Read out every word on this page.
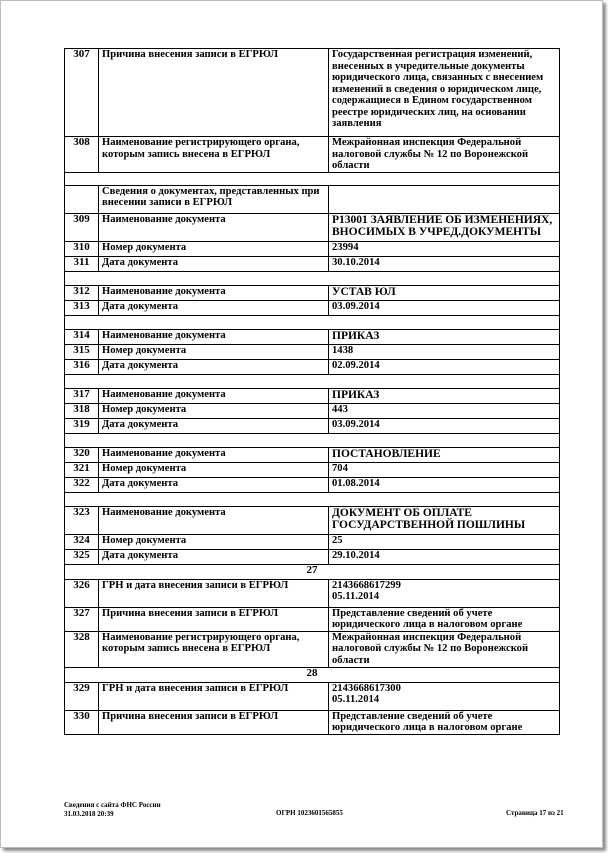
307	Причина внесения записи в ЕГРЮЛ	Государственная регистрация изменений, внесенных в учредительные документы юридического лица, связанных с внесением изменений в сведения о юридическом лице, содержащиеся в Едином государственном реестре юридических лиц, на основании заявления
308	Наименование регистрирующего органа, которым запись внесена в ЕГРЮЛ	Межрайонная инспекция Федеральной налоговой службы № 12 по Воронежской области

	Сведения о документах, представленных при внесении записи в ЕГРЮЛ	
309	Наименование документа	Р13001 ЗАЯВЛЕНИЕ ОБ ИЗМЕНЕНИЯХ, ВНОСИМЫХ В УЧРЕД.ДОКУМЕНТЫ
310	Номер документа	23994
311	Дата документа	30.10.2014

312	Наименование документа	УСТАВ ЮЛ
313	Дата документа	03.09.2014

314	Наименование документа	ПРИКАЗ
315	Номер документа	1438
316	Дата документа	02.09.2014

317	Наименование документа	ПРИКАЗ
318	Номер документа	443
319	Дата документа	03.09.2014

320	Наименование документа	ПОСТАНОВЛЕНИЕ
321	Номер документа	704
322	Дата документа	01.08.2014

323	Наименование документа	ДОКУМЕНТ ОБ ОПЛАТЕ ГОСУДАРСТВЕННОЙ ПОШЛИНЫ
324	Номер документа	25
325	Дата документа	29.10.2014
27		
326	ГРН и дата внесения записи в ЕГРЮЛ	2143668617299
05.11.2014
327	Причина внесения записи в ЕГРЮЛ	Представление сведений об учете юридического лица в налоговом органе
328	Наименование регистрирующего органа, которым запись внесена в ЕГРЮЛ	Межрайонная инспекция Федеральной налоговой службы № 12 по Воронежской области
28		
329	ГРН и дата внесения записи в ЕГРЮЛ	2143668617300
05.11.2014
330	Причина внесения записи в ЕГРЮЛ	Представление сведений об учете юридического лица в налоговом органе
Сведения с сайта ФНС России
31.03.2018 20:39	ОГРН 1023601565855	Страница 17 из 21
